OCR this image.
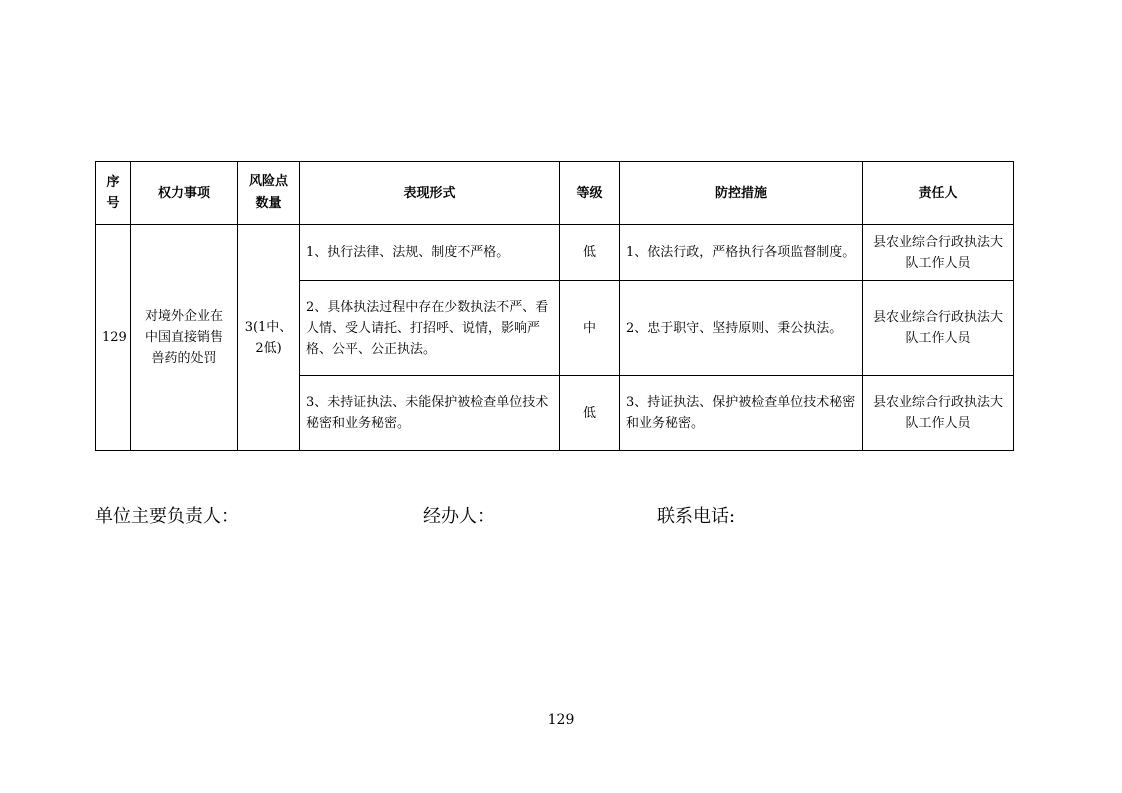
序号	权力事项	风险点数量	表现形式	等级	防控措施	责任人
129	对境外企业在中国直接销售兽药的处罚	3(1中、2低)	1、执行法律、法规、制度不严格。	低	1、依法行政，严格执行各项监督制度。	县农业综合行政执法大队工作人员

			2、具体执法过程中存在少数执法不严、看人情、受人请托、打招呼、说情，影响严格、公平、公正执法。	中	2、忠于职守、坚持原则、秉公执法。	县农业综合行政执法大队工作人员

			3、未持证执法、未能保护被检查单位技术秘密和业务秘密。	低	3、持证执法、保护被检查单位技术秘密和业务秘密。	县农业综合行政执法大队工作人员
单位主要负责人：	经办人：	联系电话:
129
